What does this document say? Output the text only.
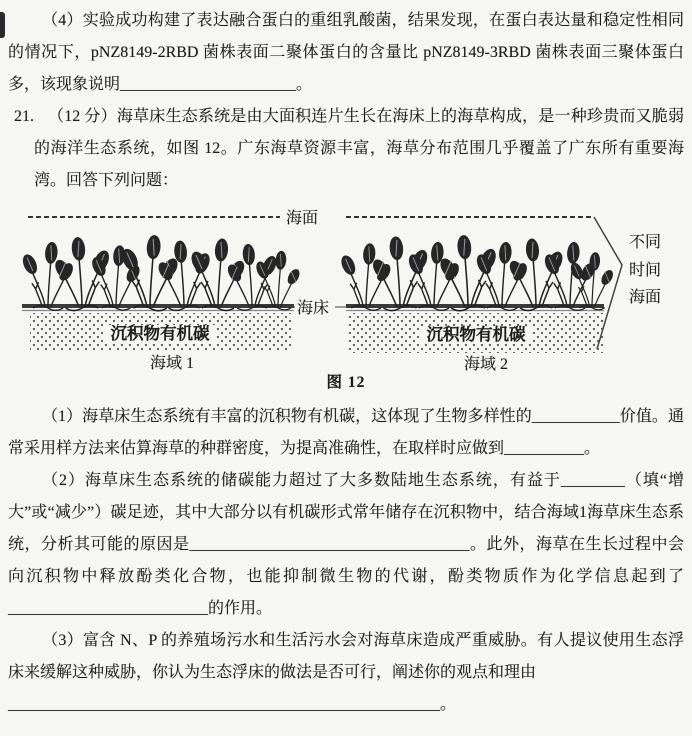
（4）实验成功构建了表达融合蛋白的重组乳酸菌，结果发现，在蛋白表达量和稳定性相同的情况下，pNZ8149-2RBD 菌株表面二聚体蛋白的含量比 pNZ8149-3RBD 菌株表面三聚体蛋白多，该现象说明______________________。

21. （12 分）海草床生态系统是由大面积连片生长在海床上的海草构成，是一种珍贵而又脆弱的海洋生态系统，如图 12。广东海草资源丰富，海草分布范围几乎覆盖了广东所有重要海湾。回答下列问题：
海面
不同
时间
海面
海床
沉积物有机碳	沉积物有机碳
海域 1	海域 2
图 12

（1）海草床生态系统有丰富的沉积物有机碳，这体现了生物多样性的___________价值。通常采用样方法来估算海草的种群密度，为提高准确性，在取样时应做到__________。

（2）海草床生态系统的储碳能力超过了大多数陆地生态系统，有益于________（填“增大”或“减少”）碳足迹，其中大部分以有机碳形式常年储存在沉积物中，结合海域1海草床生态系统，分析其可能的原因是___________________________________。此外，海草在生长过程中会向沉积物中释放酚类化合物，也能抑制微生物的代谢，酚类物质作为化学信息起到了_________________________的作用。

（3）富含 N、P 的养殖场污水和生活污水会对海草床造成严重威胁。有人提议使用生态浮床来缓解这种威胁，你认为生态浮床的做法是否可行，阐述你的观点和理由

______________________________________________________。
